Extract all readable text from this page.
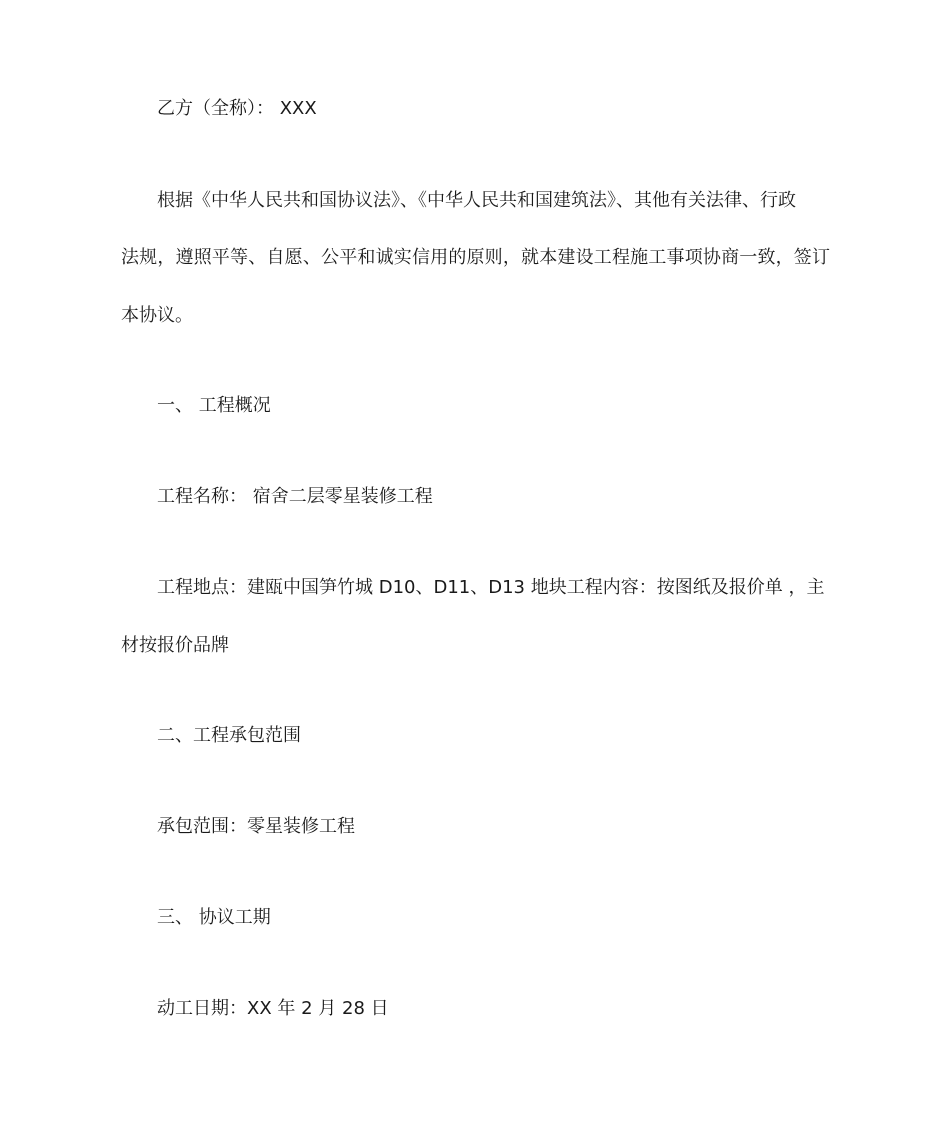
乙方（全称）： XXX

根据《中华人民共和国协议法》、《中华人民共和国建筑法》、其他有关法律、行政

法规，遵照平等、自愿、公平和诚实信用的原则，就本建设工程施工事项协商一致，签订

本协议。

一、 工程概况

工程名称： 宿舍二层零星装修工程

工程地点：建瓯中国笋竹城 D10、D11、D13 地块工程内容：按图纸及报价单 ，主

材按报价品牌

二、工程承包范围

承包范围：零星装修工程

三、 协议工期

动工日期：XX 年 2 月 28 日
